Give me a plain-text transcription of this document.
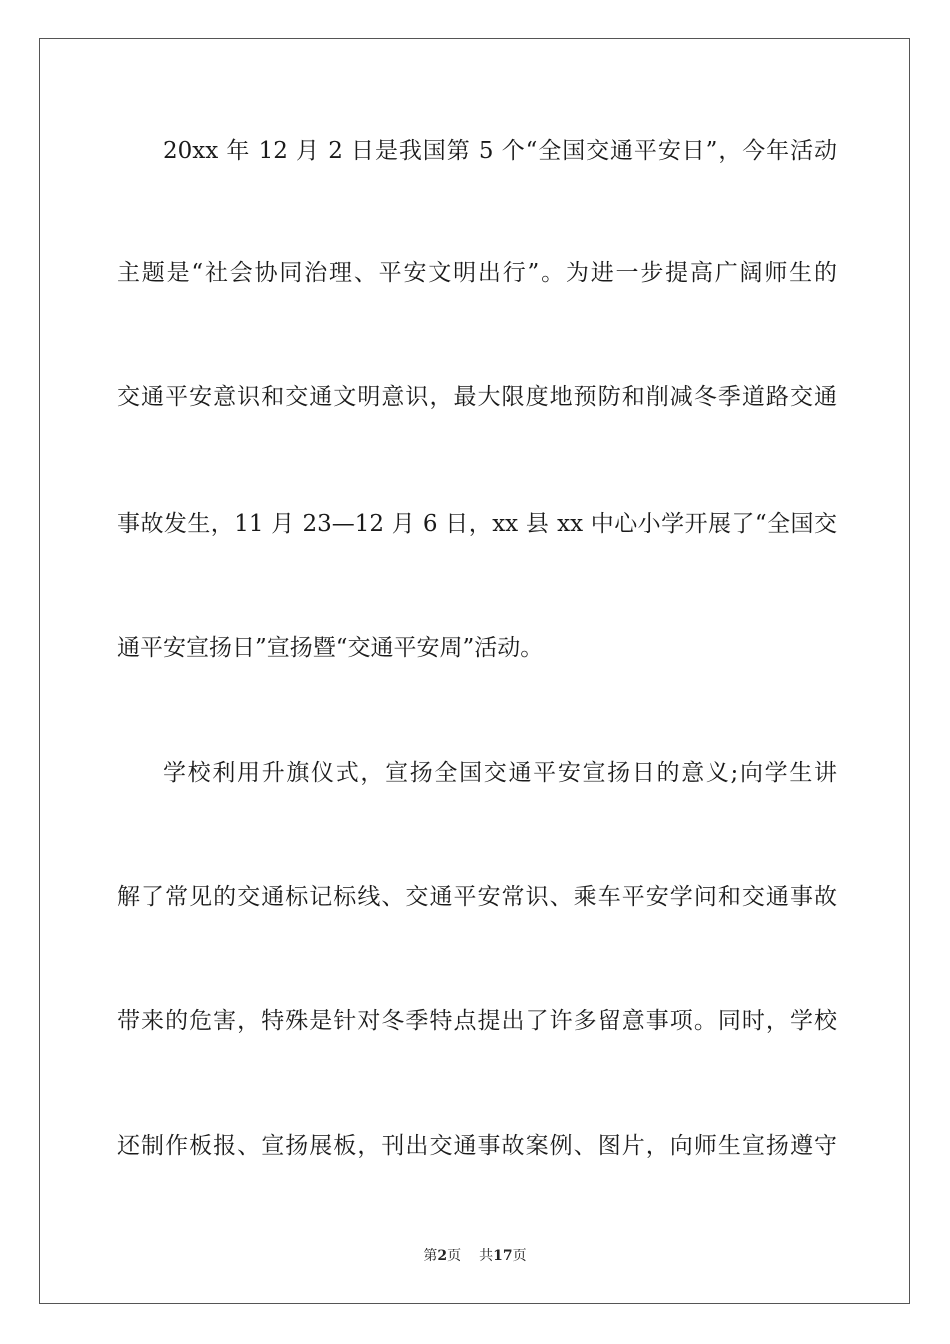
20xx 年 12 月 2 日是我国第 5 个“全国交通平安日”，今年活动
主题是“社会协同治理、平安文明出行”。为进一步提高广阔师生的
交通平安意识和交通文明意识，最大限度地预防和削减冬季道路交通
事故发生，11 月 23—12 月 6 日，xx 县 xx 中心小学开展了“全国交
通平安宣扬日”宣扬暨“交通平安周”活动。
学校利用升旗仪式，宣扬全国交通平安宣扬日的意义;向学生讲
解了常见的交通标记标线、交通平安常识、乘车平安学问和交通事故
带来的危害，特殊是针对冬季特点提出了许多留意事项。同时，学校
还制作板报、宣扬展板，刊出交通事故案例、图片，向师生宣扬遵守
第2页 共17页
